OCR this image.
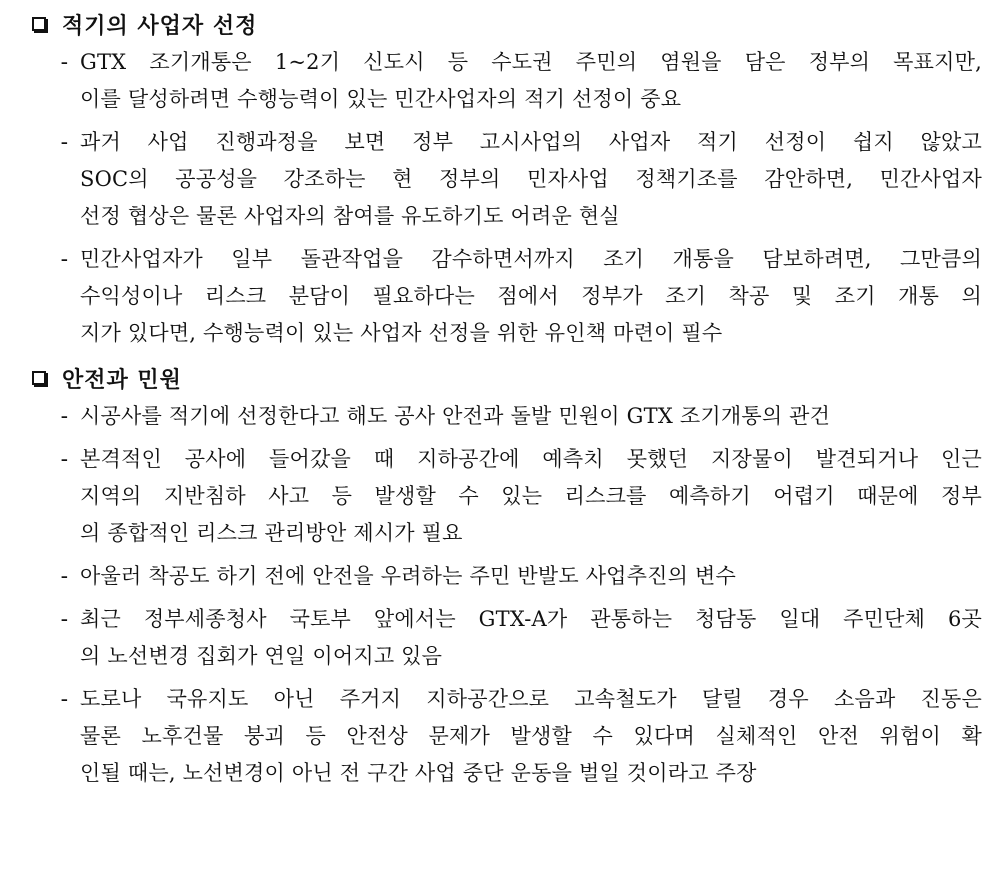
적기의 사업자 선정
- GTX 조기개통은 1~2기 신도시 등 수도권 주민의 염원을 담은 정부의 목표지만,
이를 달성하려면 수행능력이 있는 민간사업자의 적기 선정이 중요
- 과거 사업 진행과정을 보면 정부 고시사업의 사업자 적기 선정이 쉽지 않았고
SOC의 공공성을 강조하는 현 정부의 민자사업 정책기조를 감안하면, 민간사업자
선정 협상은 물론 사업자의 참여를 유도하기도 어려운 현실
- 민간사업자가 일부 돌관작업을 감수하면서까지 조기 개통을 담보하려면, 그만큼의
수익성이나 리스크 분담이 필요하다는 점에서 정부가 조기 착공 및 조기 개통 의
지가 있다면, 수행능력이 있는 사업자 선정을 위한 유인책 마련이 필수
안전과 민원
- 시공사를 적기에 선정한다고 해도 공사 안전과 돌발 민원이 GTX 조기개통의 관건
- 본격적인 공사에 들어갔을 때 지하공간에 예측치 못했던 지장물이 발견되거나 인근
지역의 지반침하 사고 등 발생할 수 있는 리스크를 예측하기 어렵기 때문에 정부
의 종합적인 리스크 관리방안 제시가 필요
- 아울러 착공도 하기 전에 안전을 우려하는 주민 반발도 사업추진의 변수
- 최근 정부세종청사 국토부 앞에서는 GTX-A가 관통하는 청담동 일대 주민단체 6곳
의 노선변경 집회가 연일 이어지고 있음
- 도로나 국유지도 아닌 주거지 지하공간으로 고속철도가 달릴 경우 소음과 진동은
물론 노후건물 붕괴 등 안전상 문제가 발생할 수 있다며 실체적인 안전 위험이 확
인될 때는, 노선변경이 아닌 전 구간 사업 중단 운동을 벌일 것이라고 주장
